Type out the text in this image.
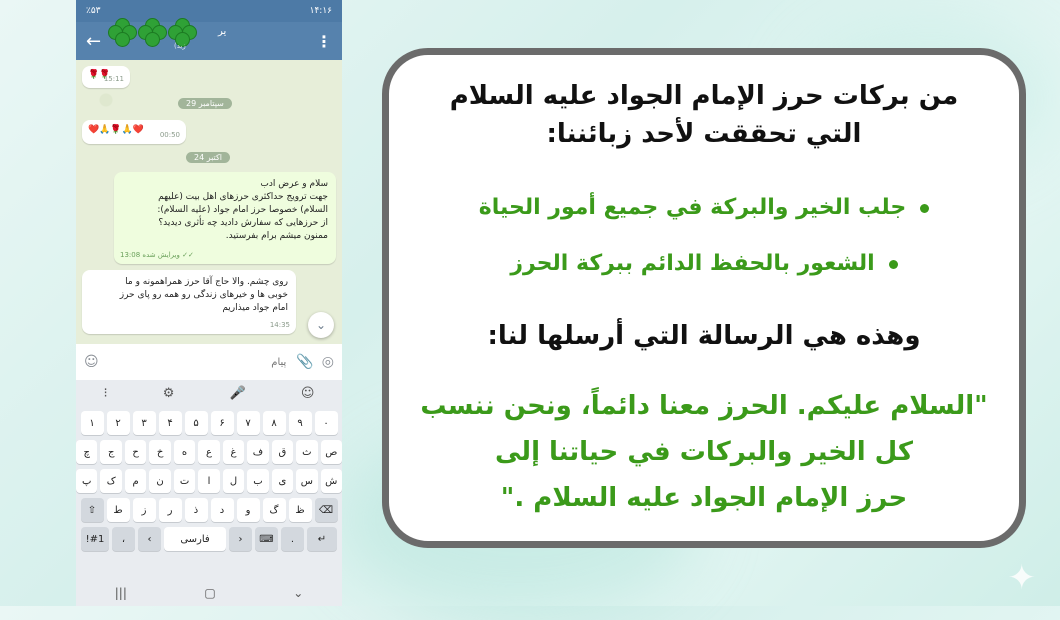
٪۵۳	۱۴:۱۶
←	یر
(زید	⋮
🌹🌹
15:11
سپتامبر 29
❤️🙏🌹🙏❤️ 00:50
اکتبر 24
سلام و عرض ادب
جهت ترویج حداکثری حرزهای اهل بیت (علیهم
السلام) خصوصا حرز امام جواد (علیه السلام):
از حرزهایی که سفارش دادید چه تأثری دیدید؟
ممنون میشم برام بفرستید.
13:08 ویرایش شده ✓✓
روی چشم. والا حاج آقا حرز همراهمونه و ما
خوبی ها و خیرهای زندگی رو همه رو پای حرز
امام جواد میذاریم
14:35	⌄
☺
پیام	📎 ◎
⁝	⚙	🎤	☺
۱	۲	۳	۴	۵	۶	۷	۸	۹	۰
چ	ج	ح	خ	ه	ع	غ	ف	ق	ث	ص
پ	ک	م	ن	ت	ا	ل	ب	ی	س	ش
⇧	ط	ز	ر	ذ	د	و	گ	ظ	⌫
!#1	،	‹	فارسی	›	⌨	.	↵
|||	▢	⌄
من بركات حرز الإمام الجواد عليه السلام
التي تحققت لأحد زبائننا:
جلب الخير والبركة في جميع أمور الحياة
الشعور بالحفظ الدائم ببركة الحرز
وهذه هي الرسالة التي أرسلها لنا:
"السلام عليكم. الحرز معنا دائماً، ونحن ننسب
كل الخير والبركات في حياتنا إلى
حرز الإمام الجواد عليه السلام ."
✦
